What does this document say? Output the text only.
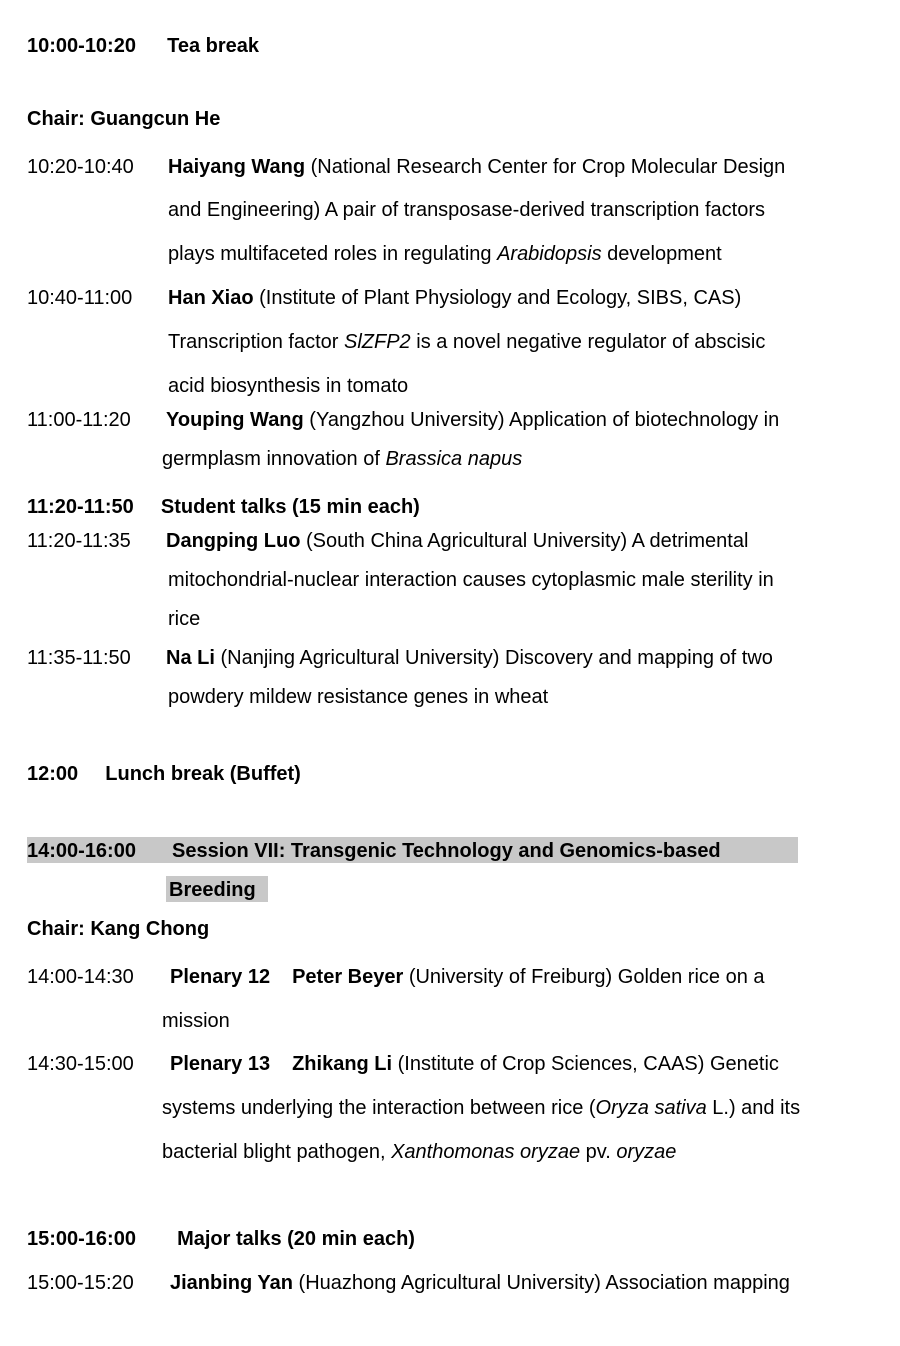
10:00-10:20 Tea break
Chair: Guangcun He
10:20-10:40 Haiyang Wang (National Research Center for Crop Molecular Design
and Engineering) A pair of transposase-derived transcription factors
plays multifaceted roles in regulating Arabidopsis development
10:40-11:00 Han Xiao (Institute of Plant Physiology and Ecology, SIBS, CAS)
Transcription factor SlZFP2 is a novel negative regulator of abscisic
acid biosynthesis in tomato
11:00-11:20 Youping Wang (Yangzhou University) Application of biotechnology in
germplasm innovation of Brassica napus
11:20-11:50 Student talks (15 min each)
11:20-11:35 Dangping Luo (South China Agricultural University) A detrimental
mitochondrial-nuclear interaction causes cytoplasmic male sterility in
rice
11:35-11:50 Na Li (Nanjing Agricultural University) Discovery and mapping of two
powdery mildew resistance genes in wheat
12:00 Lunch break (Buffet)
14:00-16:00 Session VII: Transgenic Technology and Genomics-based
Breeding
Chair: Kang Chong
14:00-14:30 Plenary 12 Peter Beyer (University of Freiburg) Golden rice on a
mission
14:30-15:00 Plenary 13 Zhikang Li (Institute of Crop Sciences, CAAS) Genetic
systems underlying the interaction between rice (Oryza sativa L.) and its
bacterial blight pathogen, Xanthomonas oryzae pv. oryzae
15:00-16:00 Major talks (20 min each)
15:00-15:20 Jianbing Yan (Huazhong Agricultural University) Association mapping
